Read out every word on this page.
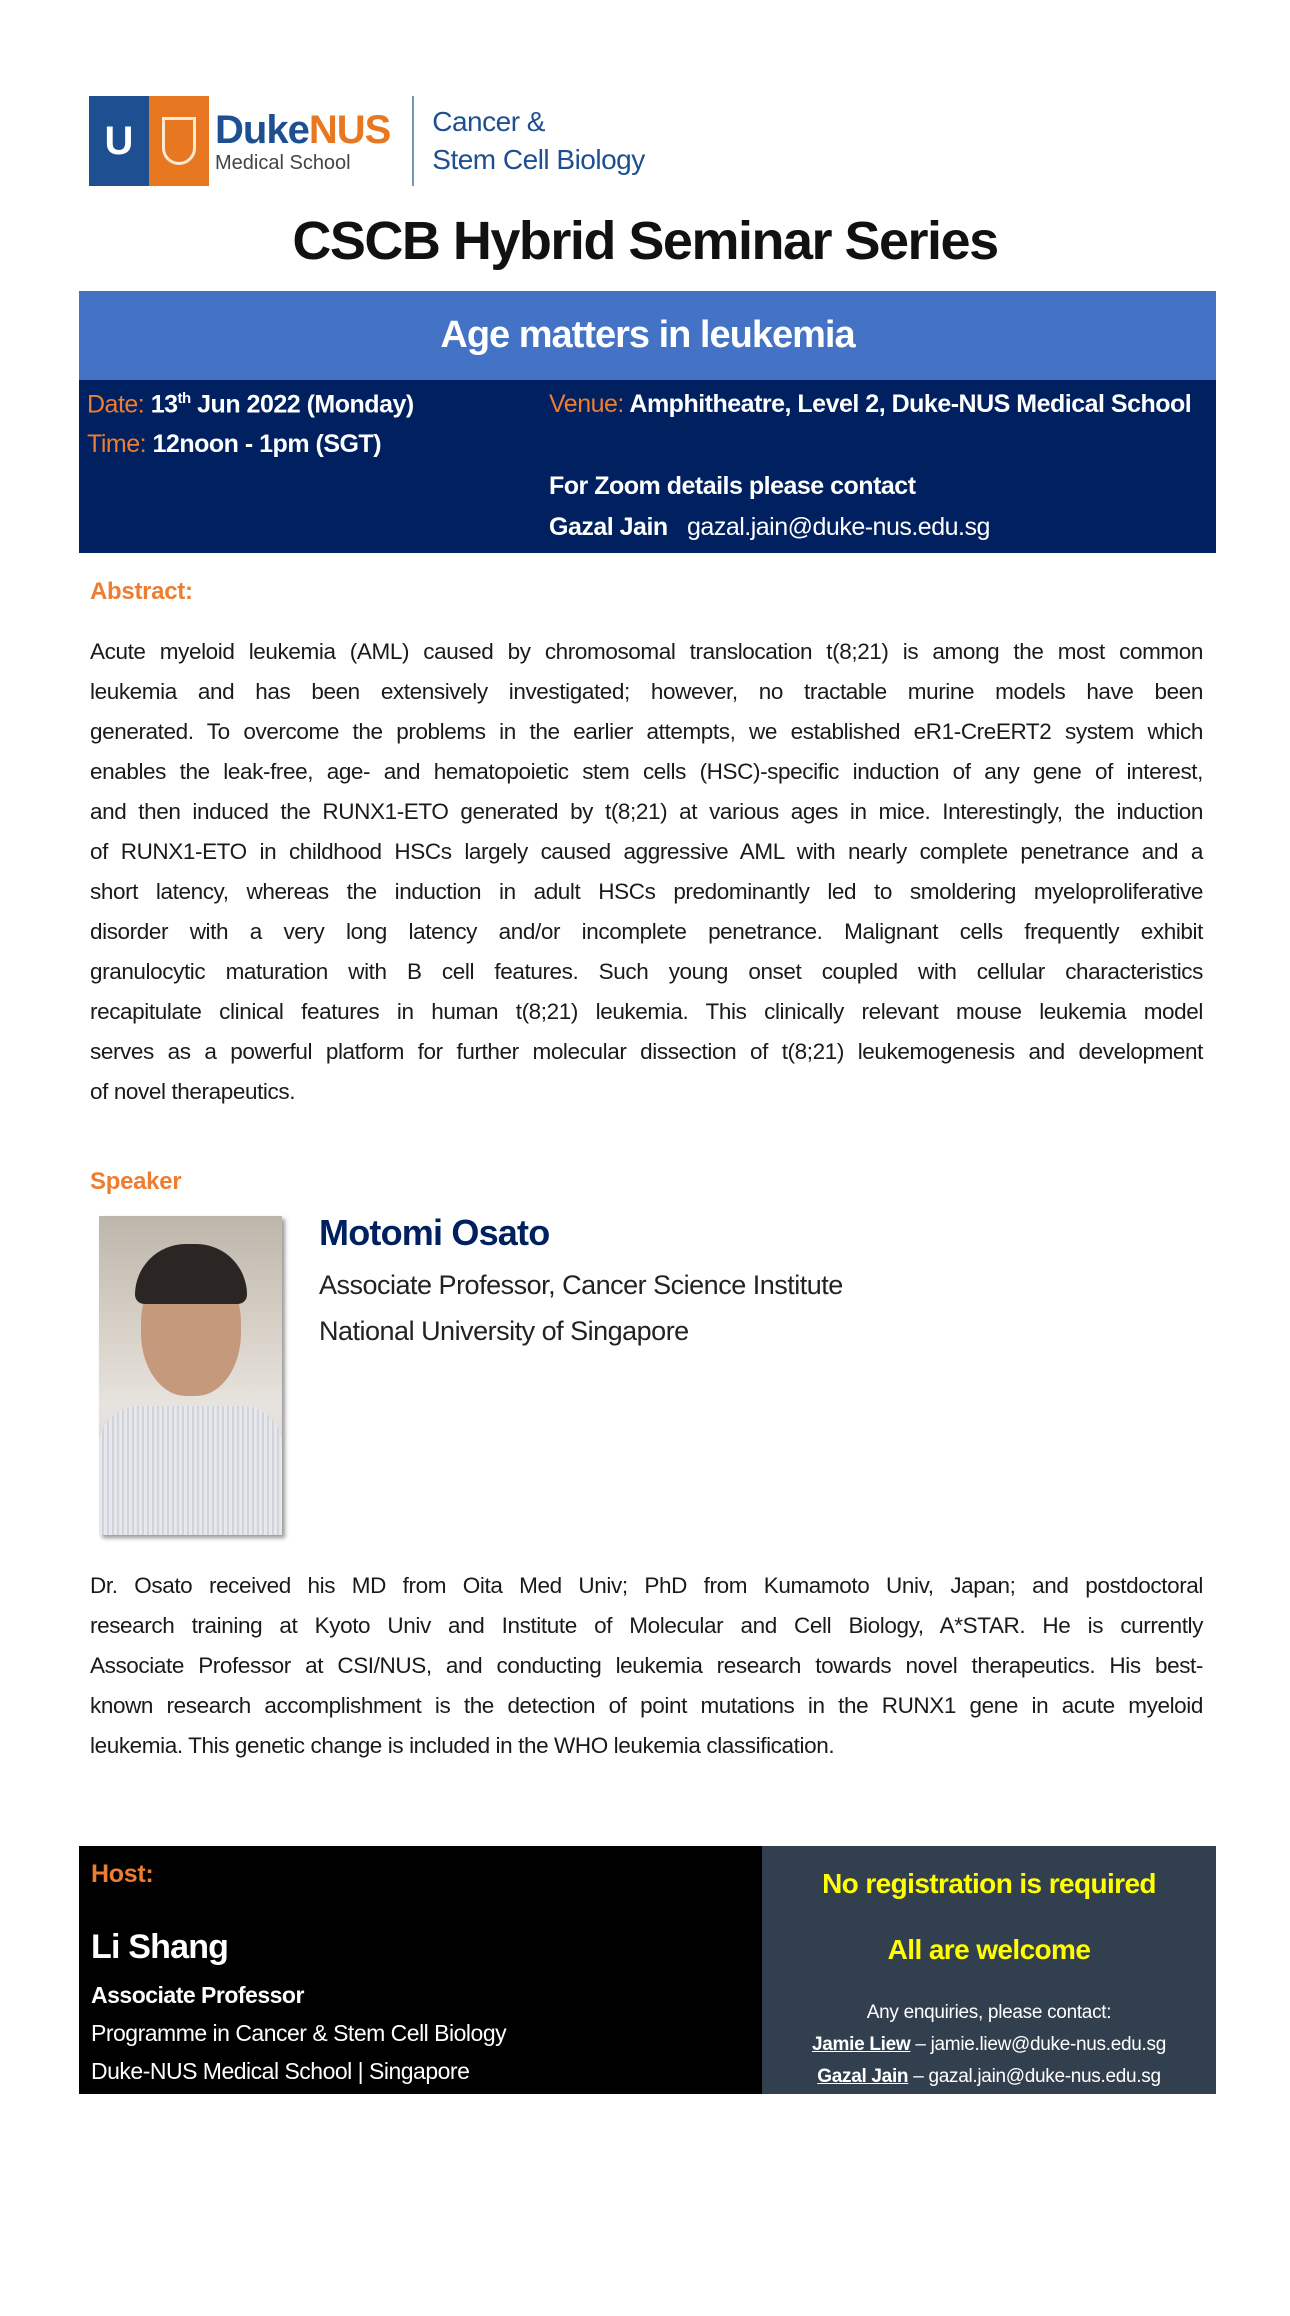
U	DukeNUS
Medical School
Cancer &
Stem Cell Biology
CSCB Hybrid Seminar Series
Age matters in leukemia
Date: 13th Jun 2022 (Monday)
Time: 12noon - 1pm (SGT)
Venue: Amphitheatre, Level 2, Duke-NUS Medical School
For Zoom details please contact
Gazal Jain gazal.jain@duke-nus.edu.sg
Abstract:
Acute myeloid leukemia (AML) caused by chromosomal translocation t(8;21) is among the most common
leukemia and has been extensively investigated; however, no tractable murine models have been
generated. To overcome the problems in the earlier attempts, we established eR1-CreERT2 system which
enables the leak-free, age- and hematopoietic stem cells (HSC)-specific induction of any gene of interest,
and then induced the RUNX1-ETO generated by t(8;21) at various ages in mice. Interestingly, the induction
of RUNX1-ETO in childhood HSCs largely caused aggressive AML with nearly complete penetrance and a
short latency, whereas the induction in adult HSCs predominantly led to smoldering myeloproliferative
disorder with a very long latency and/or incomplete penetrance. Malignant cells frequently exhibit
granulocytic maturation with B cell features. Such young onset coupled with cellular characteristics
recapitulate clinical features in human t(8;21) leukemia. This clinically relevant mouse leukemia model
serves as a powerful platform for further molecular dissection of t(8;21) leukemogenesis and development
of novel therapeutics.
Speaker
Motomi Osato
Associate Professor, Cancer Science Institute
National University of Singapore
Dr. Osato received his MD from Oita Med Univ; PhD from Kumamoto Univ, Japan; and postdoctoral
research training at Kyoto Univ and Institute of Molecular and Cell Biology, A*STAR. He is currently
Associate Professor at CSI/NUS, and conducting leukemia research towards novel therapeutics. His best-
known research accomplishment is the detection of point mutations in the RUNX1 gene in acute myeloid
leukemia. This genetic change is included in the WHO leukemia classification.
Host:
Li Shang
Associate Professor
Programme in Cancer & Stem Cell Biology
Duke-NUS Medical School | Singapore
No registration is required
All are welcome
Any enquiries, please contact:
Jamie Liew – jamie.liew@duke-nus.edu.sg
Gazal Jain – gazal.jain@duke-nus.edu.sg
